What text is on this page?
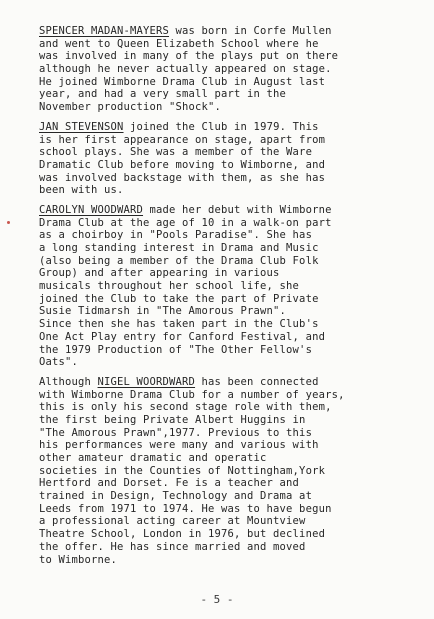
SPENCER MADAN-MAYERS was born in Corfe Mullen
and went to Queen Elizabeth School where he
was involved in many of the plays put on there
although he never actually appeared on stage.
He joined Wimborne Drama Club in August last
year, and had a very small part in the
November production "Shock".
JAN STEVENSON joined the Club in 1979. This
is her first appearance on stage, apart from
school plays. She was a member of the Ware
Dramatic Club before moving to Wimborne, and
was involved backstage with them, as she has
been with us.
CAROLYN WOODWARD made her debut with Wimborne
Drama Club at the age of 10 in a walk-on part
as a choirboy in "Pools Paradise". She has
a long standing interest in Drama and Music
(also being a member of the Drama Club Folk
Group) and after appearing in various
musicals throughout her school life, she
joined the Club to take the part of Private
Susie Tidmarsh in "The Amorous Prawn".
Since then she has taken part in the Club's
One Act Play entry for Canford Festival, and
the 1979 Production of "The Other Fellow's
Oats".
Although NIGEL WOORDWARD has been connected
with Wimborne Drama Club for a number of years,
this is only his second stage role with them,
the first being Private Albert Huggins in
"The Amorous Prawn",1977. Previous to this
his performances were many and various with
other amateur dramatic and operatic
societies in the Counties of Nottingham,York
Hertford and Dorset. Fe is a teacher and
trained in Design, Technology and Drama at
Leeds from 1971 to 1974. He was to have begun
a professional acting career at Mountview
Theatre School, London in 1976, but declined
the offer. He has since married and moved
to Wimborne.
- 5 -
